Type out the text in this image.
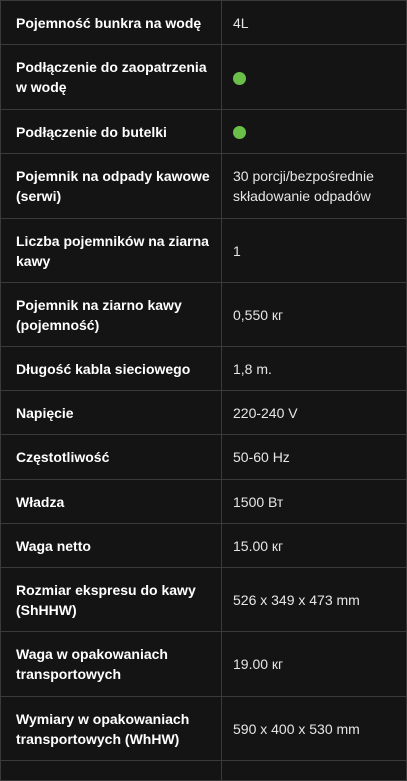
Pojemność bunkra na wodę	4L
Podłączenie do zaopatrzenia w wodę	
Podłączenie do butelki	
Pojemnik na odpady kawowe (serwi)	30 porcji/bezpośrednie składowanie odpadów
Liczba pojemników na ziarna kawy	1
Pojemnik na ziarno kawy (pojemność)	0,550 кг
Długość kabla sieciowego	1,8 m.
Napięcie	220-240 V
Częstotliwość	50-60 Hz
Władza	1500 Вт
Waga netto	15.00 кг
Rozmiar ekspresu do kawy (ShHHW)	526 x 349 x 473 mm
Waga w opakowaniach transportowych	19.00 кг
Wymiary w opakowaniach transportowych (WhHW)	590 x 400 x 530 mm
